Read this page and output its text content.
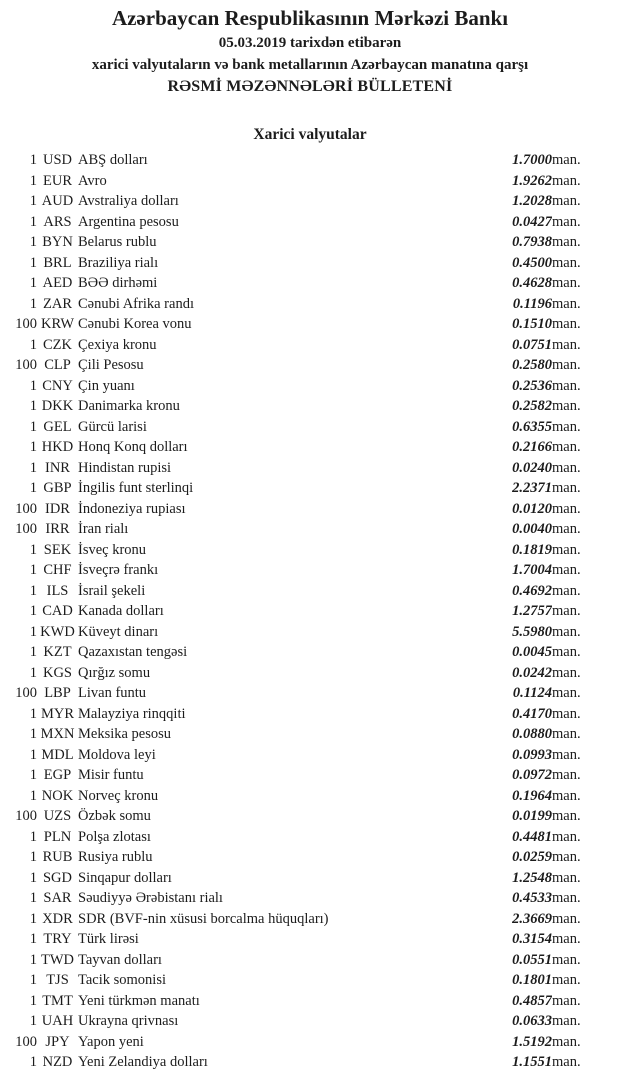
Azərbaycan Respublikasının Mərkəzi Bankı
05.03.2019 tarixdən etibarən
xarici valyutaların və bank metallarının Azərbaycan manatına qarşı
RƏSMİ MƏZƏNNƏLƏRİ BÜLLETENİ
Xarici valyutalar
1	USD	ABŞ dolları	1.7000	man.
1	EUR	Avro	1.9262	man.
1	AUD	Avstraliya dolları	1.2028	man.
1	ARS	Argentina pesosu	0.0427	man.
1	BYN	Belarus rublu	0.7938	man.
1	BRL	Braziliya rialı	0.4500	man.
1	AED	BƏƏ dirhəmi	0.4628	man.
1	ZAR	Cənubi Afrika randı	0.1196	man.
100	KRW	Cənubi Korea vonu	0.1510	man.
1	CZK	Çexiya kronu	0.0751	man.
100	CLP	Çili Pesosu	0.2580	man.
1	CNY	Çin yuanı	0.2536	man.
1	DKK	Danimarka kronu	0.2582	man.
1	GEL	Gürcü larisi	0.6355	man.
1	HKD	Honq Konq dolları	0.2166	man.
1	INR	Hindistan rupisi	0.0240	man.
1	GBP	İngilis funt sterlinqi	2.2371	man.
100	IDR	İndoneziya rupiası	0.0120	man.
100	IRR	İran rialı	0.0040	man.
1	SEK	İsveç kronu	0.1819	man.
1	CHF	İsveçrə frankı	1.7004	man.
1	ILS	İsrail şekeli	0.4692	man.
1	CAD	Kanada dolları	1.2757	man.
1	KWD	Küveyt dinarı	5.5980	man.
1	KZT	Qazaxıstan tengəsi	0.0045	man.
1	KGS	Qırğız somu	0.0242	man.
100	LBP	Livan funtu	0.1124	man.
1	MYR	Malayziya rinqqiti	0.4170	man.
1	MXN	Meksika pesosu	0.0880	man.
1	MDL	Moldova leyi	0.0993	man.
1	EGP	Misir funtu	0.0972	man.
1	NOK	Norveç kronu	0.1964	man.
100	UZS	Özbək somu	0.0199	man.
1	PLN	Polşa zlotası	0.4481	man.
1	RUB	Rusiya rublu	0.0259	man.
1	SGD	Sinqapur dolları	1.2548	man.
1	SAR	Səudiyyə Ərəbistanı rialı	0.4533	man.
1	XDR	SDR (BVF-nin xüsusi borcalma hüquqları)	2.3669	man.
1	TRY	Türk lirəsi	0.3154	man.
1	TWD	Tayvan dolları	0.0551	man.
1	TJS	Tacik somonisi	0.1801	man.
1	TMT	Yeni türkmən manatı	0.4857	man.
1	UAH	Ukrayna qrivnası	0.0633	man.
100	JPY	Yapon yeni	1.5192	man.
1	NZD	Yeni Zelandiya dolları	1.1551	man.
